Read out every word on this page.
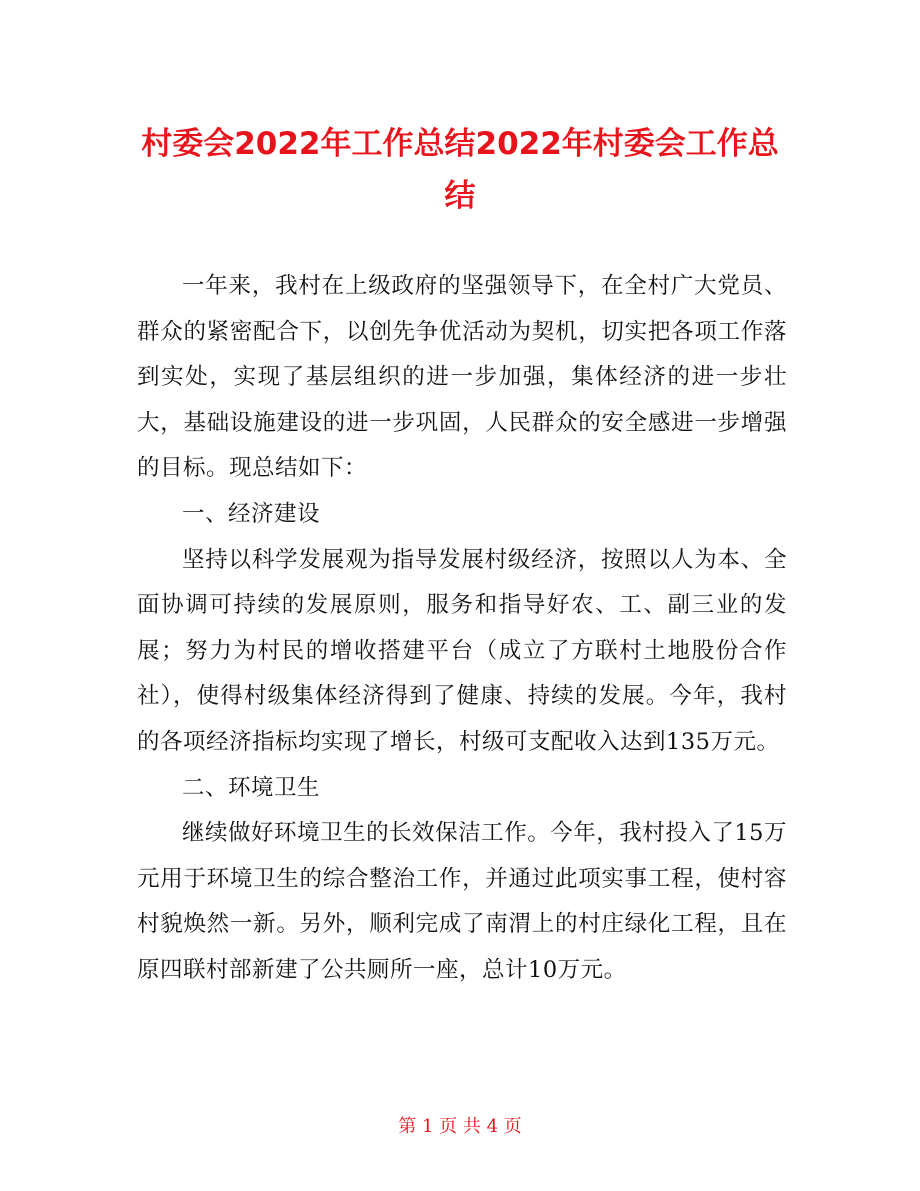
村委会2022年工作总结2022年村委会工作总结

一年来，我村在上级政府的坚强领导下，在全村广大党员、群众的紧密配合下，以创先争优活动为契机，切实把各项工作落到实处，实现了基层组织的进一步加强，集体经济的进一步壮大，基础设施建设的进一步巩固，人民群众的安全感进一步增强的目标。现总结如下：

一、经济建设

坚持以科学发展观为指导发展村级经济，按照以人为本、全面协调可持续的发展原则，服务和指导好农、工、副三业的发展；努力为村民的增收搭建平台（成立了方联村土地股份合作社），使得村级集体经济得到了健康、持续的发展。今年，我村的各项经济指标均实现了增长，村级可支配收入达到135万元。

二、环境卫生

继续做好环境卫生的长效保洁工作。今年，我村投入了15万元用于环境卫生的综合整治工作，并通过此项实事工程，使村容村貌焕然一新。另外，顺利完成了南渭上的村庄绿化工程，且在原四联村部新建了公共厕所一座，总计10万元。

第 1 页 共 4 页
